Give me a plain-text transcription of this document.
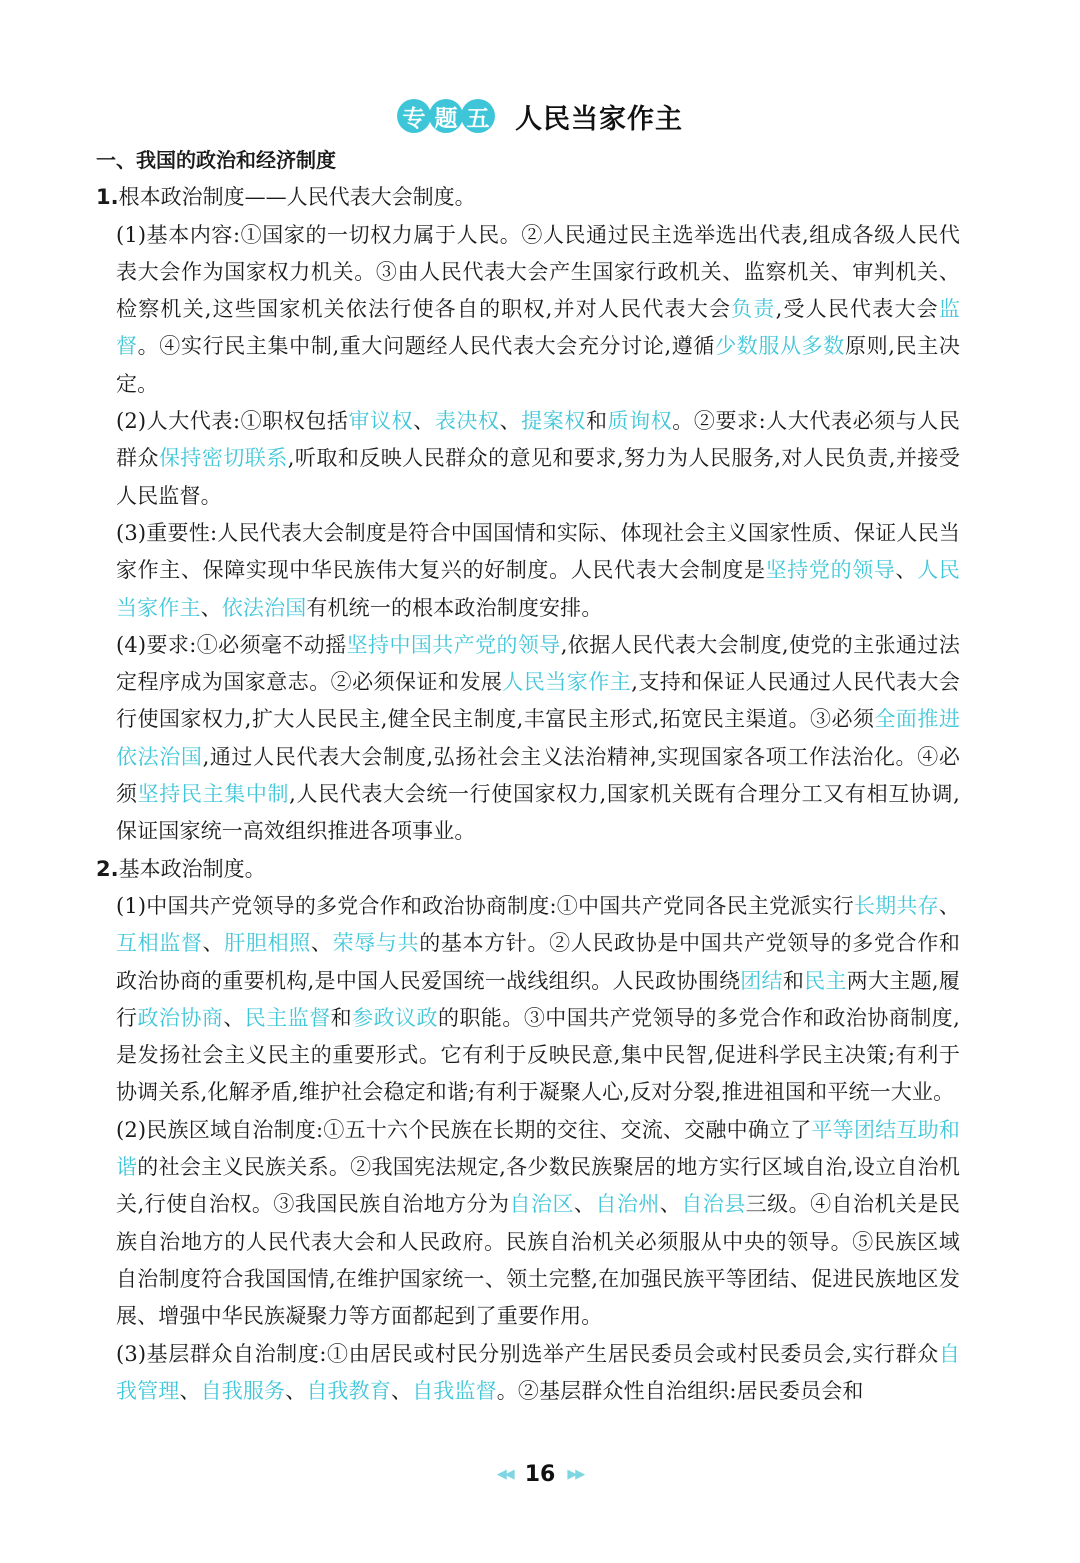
专 题 五 人民当家作主

一、我国的政治和经济制度

1.根本政治制度——人民代表大会制度。

(1)基本内容:①国家的一切权力属于人民。②人民通过民主选举选出代表,组成各级人民代表大会作为国家权力机关。③由人民代表大会产生国家行政机关、监察机关、审判机关、检察机关,这些国家机关依法行使各自的职权,并对人民代表大会负责,受人民代表大会监督。④实行民主集中制,重大问题经人民代表大会充分讨论,遵循少数服从多数原则,民主决定。

(2)人大代表:①职权包括审议权、表决权、提案权和质询权。②要求:人大代表必须与人民群众保持密切联系,听取和反映人民群众的意见和要求,努力为人民服务,对人民负责,并接受人民监督。

(3)重要性:人民代表大会制度是符合中国国情和实际、体现社会主义国家性质、保证人民当家作主、保障实现中华民族伟大复兴的好制度。人民代表大会制度是坚持党的领导、人民当家作主、依法治国有机统一的根本政治制度安排。

(4)要求:①必须毫不动摇坚持中国共产党的领导,依据人民代表大会制度,使党的主张通过法定程序成为国家意志。②必须保证和发展人民当家作主,支持和保证人民通过人民代表大会行使国家权力,扩大人民民主,健全民主制度,丰富民主形式,拓宽民主渠道。③必须全面推进依法治国,通过人民代表大会制度,弘扬社会主义法治精神,实现国家各项工作法治化。④必须坚持民主集中制,人民代表大会统一行使国家权力,国家机关既有合理分工又有相互协调,保证国家统一高效组织推进各项事业。

2.基本政治制度。

(1)中国共产党领导的多党合作和政治协商制度:①中国共产党同各民主党派实行长期共存、互相监督、肝胆相照、荣辱与共的基本方针。②人民政协是中国共产党领导的多党合作和政治协商的重要机构,是中国人民爱国统一战线组织。人民政协围绕团结和民主两大主题,履行政治协商、民主监督和参政议政的职能。③中国共产党领导的多党合作和政治协商制度,是发扬社会主义民主的重要形式。它有利于反映民意,集中民智,促进科学民主决策;有利于协调关系,化解矛盾,维护社会稳定和谐;有利于凝聚人心,反对分裂,推进祖国和平统一大业。

(2)民族区域自治制度:①五十六个民族在长期的交往、交流、交融中确立了平等团结互助和谐的社会主义民族关系。②我国宪法规定,各少数民族聚居的地方实行区域自治,设立自治机关,行使自治权。③我国民族自治地方分为自治区、自治州、自治县三级。④自治机关是民族自治地方的人民代表大会和人民政府。民族自治机关必须服从中央的领导。⑤民族区域自治制度符合我国国情,在维护国家统一、领土完整,在加强民族平等团结、促进民族地区发展、增强中华民族凝聚力等方面都起到了重要作用。

(3)基层群众自治制度:①由居民或村民分别选举产生居民委员会或村民委员会,实行群众自我管理、自我服务、自我教育、自我监督。②基层群众性自治组织:居民委员会和

◀◀ 16 ▶▶
